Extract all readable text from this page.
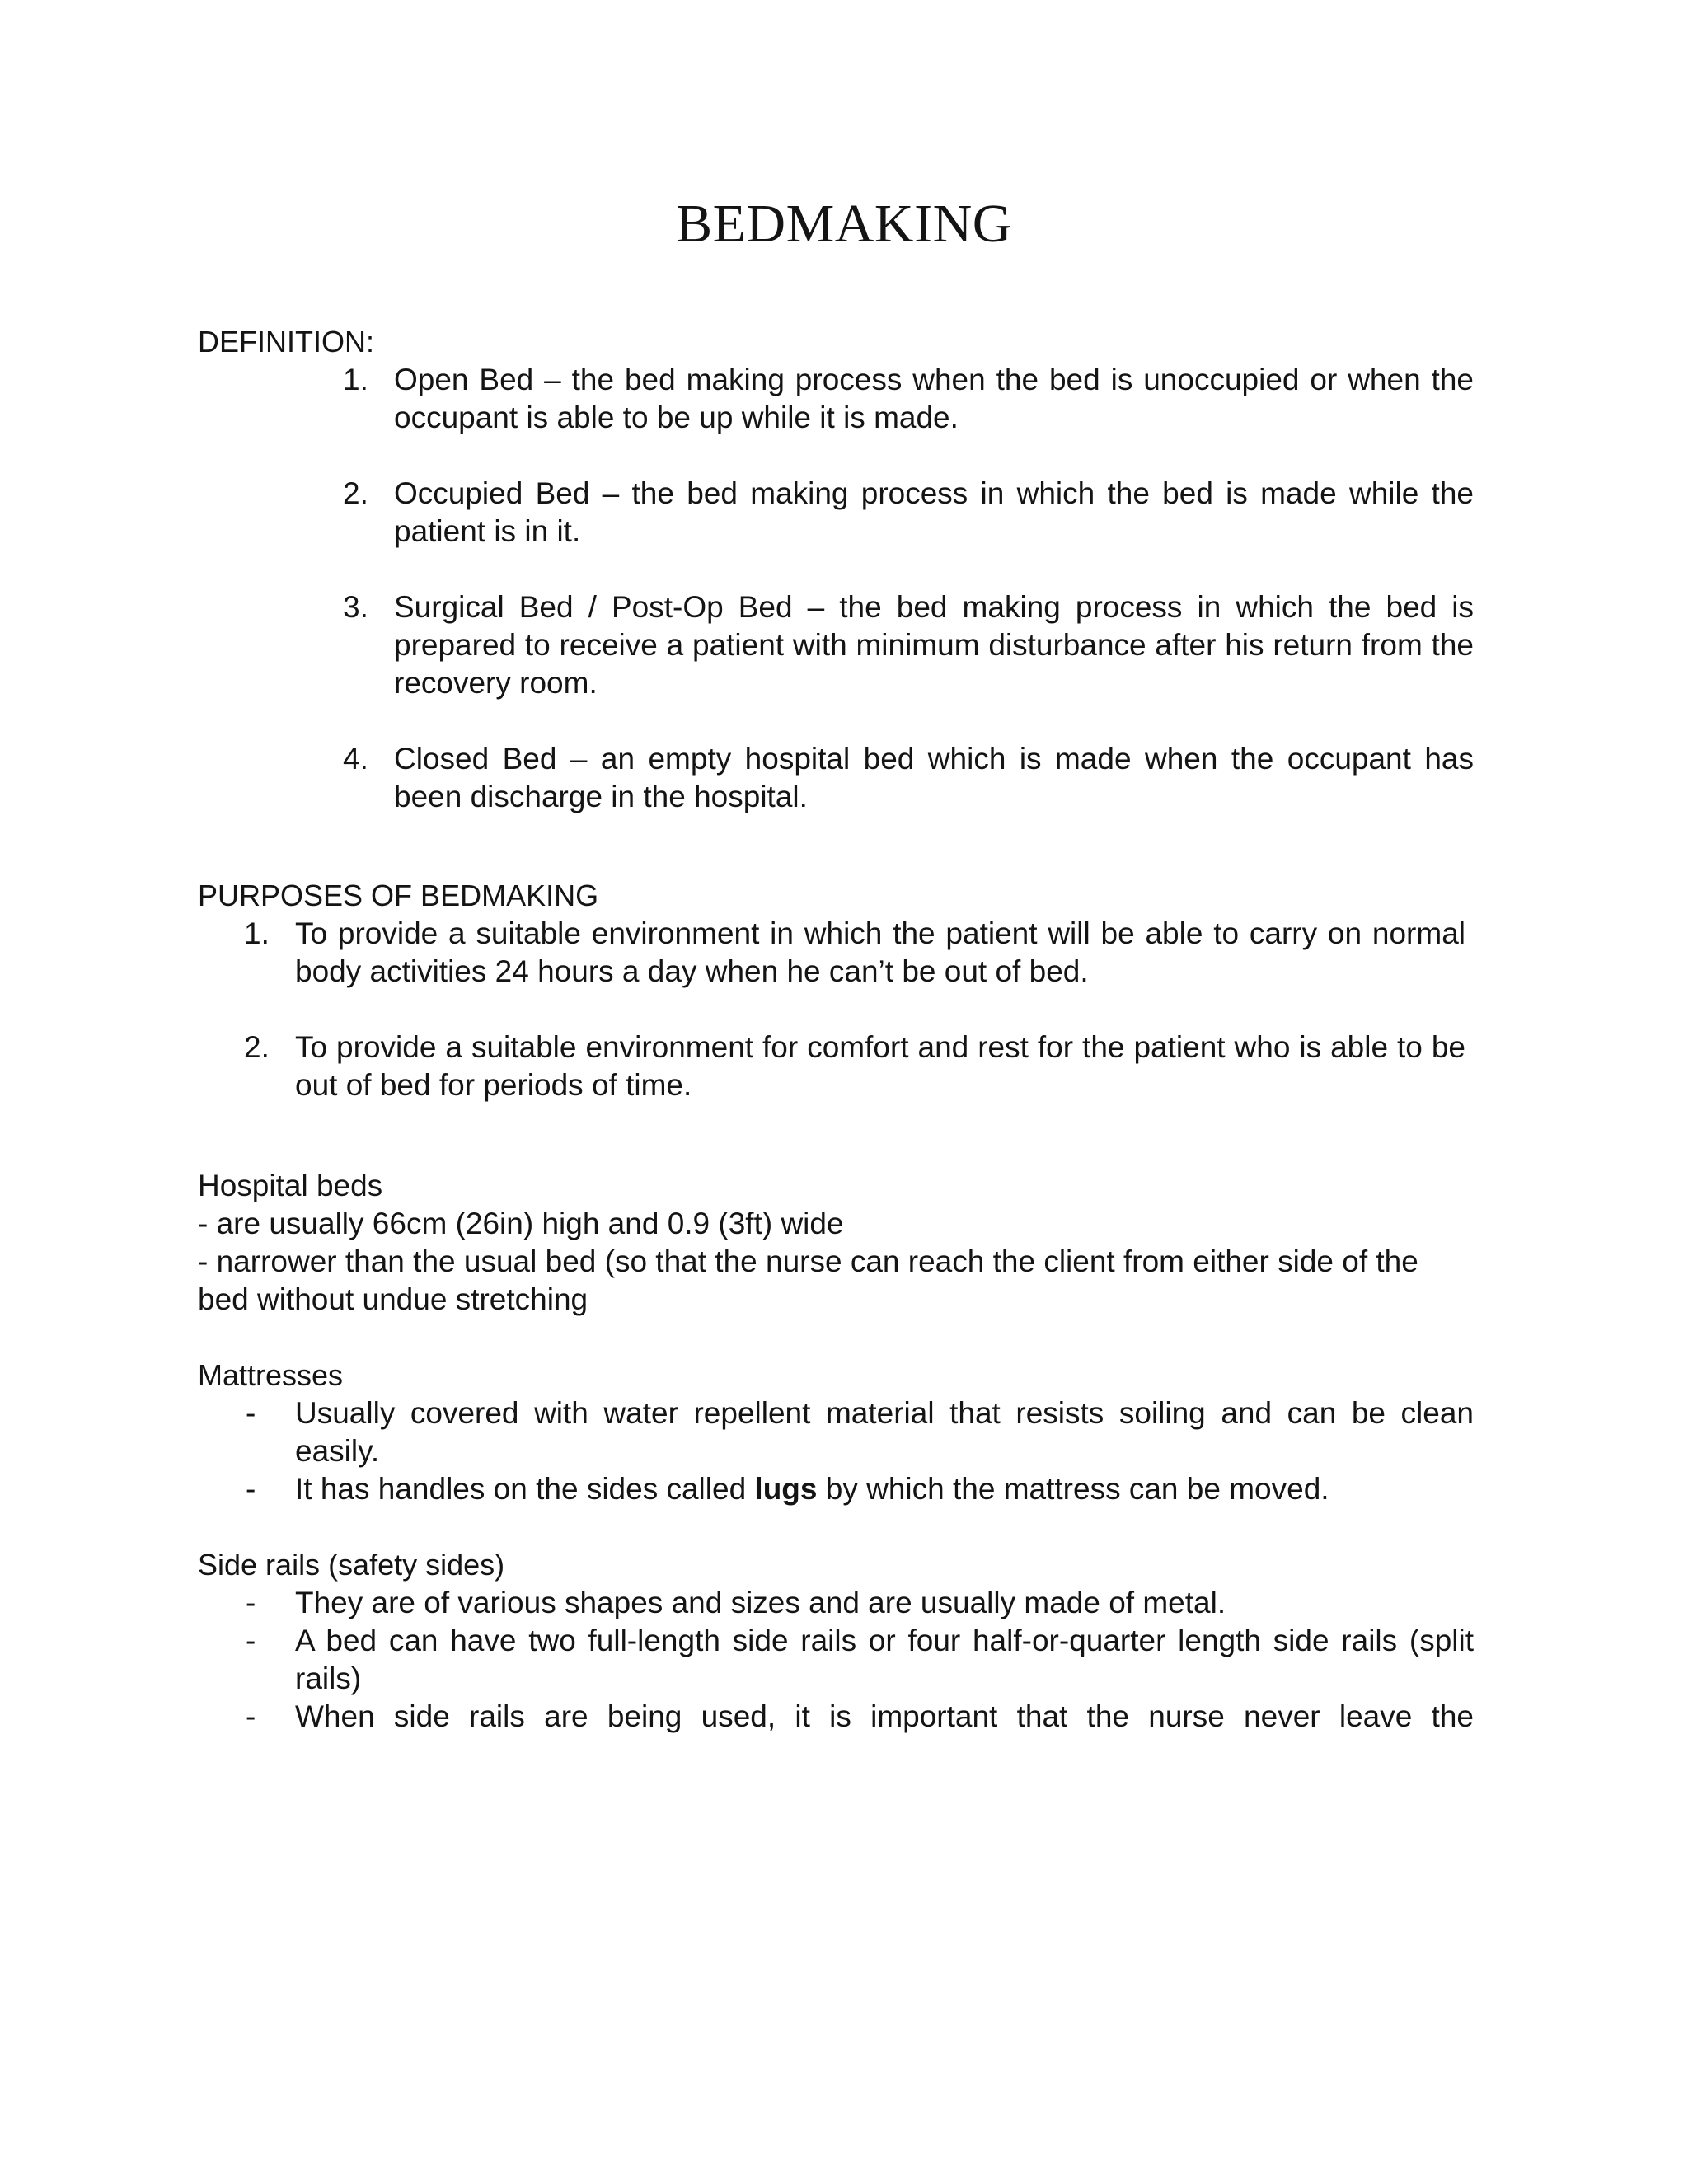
BEDMAKING
DEFINITION:
1. Open Bed – the bed making process when the bed is unoccupied or when the occupant is able to be up while it is made.
2. Occupied Bed – the bed making process in which the bed is made while the patient is in it.
3. Surgical Bed / Post-Op Bed – the bed making process in which the bed is prepared to receive a patient with minimum disturbance after his return from the recovery room.
4. Closed Bed – an empty hospital bed which is made when the occupant has been discharge in the hospital.
PURPOSES OF BEDMAKING
1. To provide a suitable environment in which the patient will be able to carry on normal body activities 24 hours a day when he can’t be out of bed.
2. To provide a suitable environment for comfort and rest for the patient who is able to be out of bed for periods of time.

Hospital beds

- are usually 66cm (26in) high and 0.9 (3ft) wide

- narrower than the usual bed (so that the nurse can reach the client from either side of the bed without undue stretching

Mattresses
- Usually covered with water repellent material that resists soiling and can be clean easily.
- It has handles on the sides called lugs by which the mattress can be moved.
Side rails (safety sides)
- They are of various shapes and sizes and are usually made of metal.
- A bed can have two full-length side rails or four half-or-quarter length side rails (split rails)
- When side rails are being used, it is important that the nurse never leave the
